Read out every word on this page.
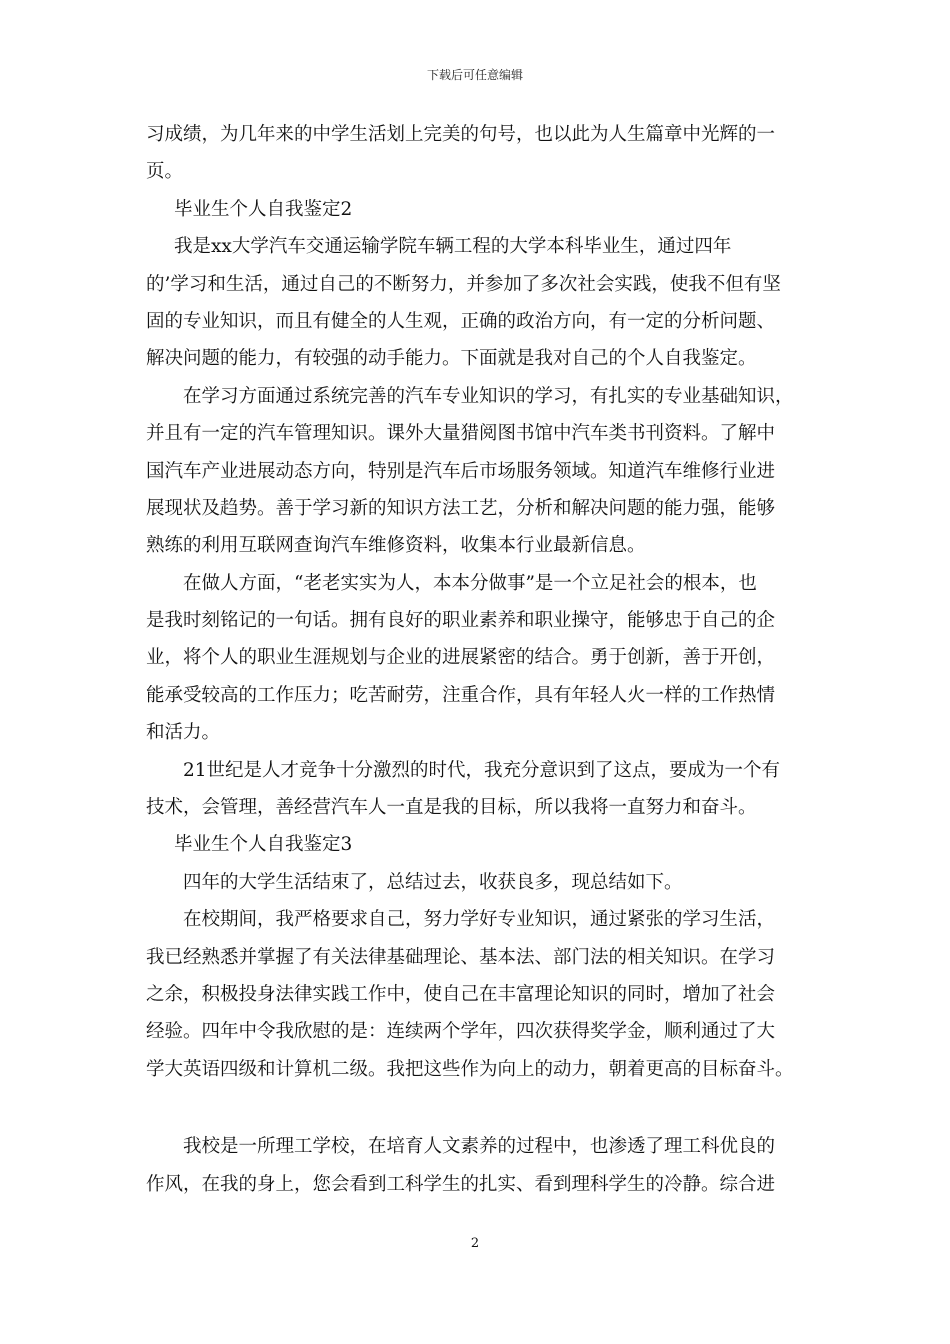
下载后可任意编辑
习成绩，为几年来的中学生活划上完美的句号，也以此为人生篇章中光辉的一
页。
毕业生个人自我鉴定2
我是xx大学汽车交通运输学院车辆工程的大学本科毕业生，通过四年
的’学习和生活，通过自己的不断努力，并参加了多次社会实践，使我不但有坚
固的专业知识，而且有健全的人生观，正确的政治方向，有一定的分析问题、
解决问题的能力，有较强的动手能力。下面就是我对自己的个人自我鉴定。
在学习方面通过系统完善的汽车专业知识的学习，有扎实的专业基础知识，
并且有一定的汽车管理知识。课外大量猎阅图书馆中汽车类书刊资料。了解中
国汽车产业进展动态方向，特别是汽车后市场服务领域。知道汽车维修行业进
展现状及趋势。善于学习新的知识方法工艺，分析和解决问题的能力强，能够
熟练的利用互联网查询汽车维修资料，收集本行业最新信息。
在做人方面，“老老实实为人，本本分做事”是一个立足社会的根本，也
是我时刻铭记的一句话。拥有良好的职业素养和职业操守，能够忠于自己的企
业，将个人的职业生涯规划与企业的进展紧密的结合。勇于创新，善于开创，
能承受较高的工作压力；吃苦耐劳，注重合作，具有年轻人火一样的工作热情
和活力。
21世纪是人才竞争十分激烈的时代，我充分意识到了这点，要成为一个有
技术，会管理，善经营汽车人一直是我的目标，所以我将一直努力和奋斗。
毕业生个人自我鉴定3
四年的大学生活结束了，总结过去，收获良多，现总结如下。
在校期间，我严格要求自己，努力学好专业知识，通过紧张的学习生活，
我已经熟悉并掌握了有关法律基础理论、基本法、部门法的相关知识。在学习
之余，积极投身法律实践工作中，使自己在丰富理论知识的同时，增加了社会
经验。四年中令我欣慰的是：连续两个学年，四次获得奖学金，顺利通过了大
学大英语四级和计算机二级。我把这些作为向上的动力，朝着更高的目标奋斗。
我校是一所理工学校，在培育人文素养的过程中，也渗透了理工科优良的
作风，在我的身上，您会看到工科学生的扎实、看到理科学生的冷静。综合进
2
